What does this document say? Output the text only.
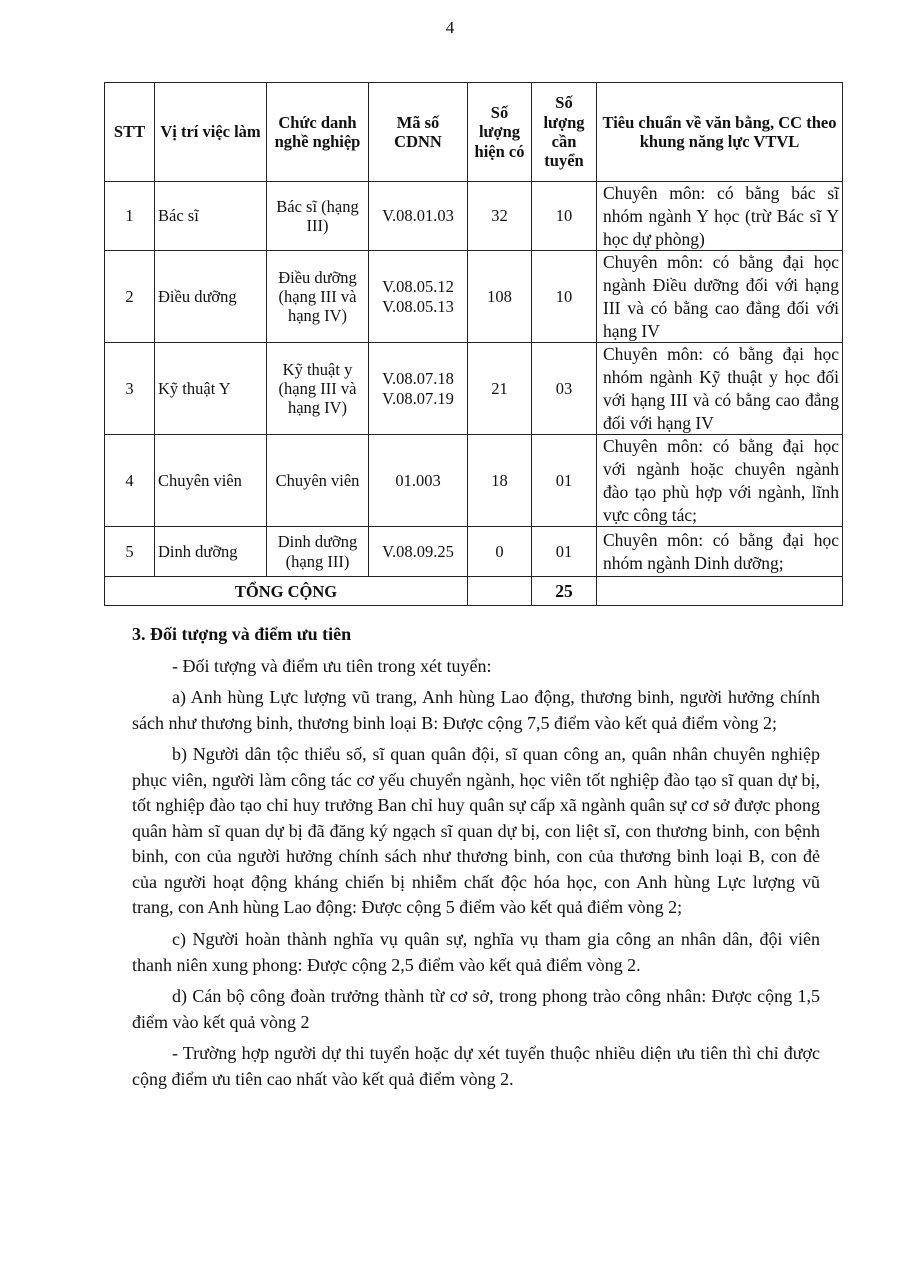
4
STT	Vị trí việc làm	Chức danh nghề nghiệp	Mã số CDNN	Số lượng hiện có	Số lượng cần tuyển	Tiêu chuẩn về văn bằng, CC theo khung năng lực VTVL
1	Bác sĩ	Bác sĩ (hạng III)	V.08.01.03	32	10	Chuyên môn: có bằng bác sĩ nhóm ngành Y học (trừ Bác sĩ Y học dự phòng)
2	Điều dưỡng	Điều dưỡng (hạng III và hạng IV)	V.08.05.12 V.08.05.13	108	10	Chuyên môn: có bằng đại học ngành Điều dưỡng đối với hạng III và có bằng cao đẳng đối với hạng IV
3	Kỹ thuật Y	Kỹ thuật y (hạng III và hạng IV)	V.08.07.18 V.08.07.19	21	03	Chuyên môn: có bằng đại học nhóm ngành Kỹ thuật y học đối với hạng III và có bằng cao đẳng đối với hạng IV
4	Chuyên viên	Chuyên viên	01.003	18	01	Chuyên môn: có bằng đại học với ngành hoặc chuyên ngành đào tạo phù hợp với ngành, lĩnh vực công tác;
5	Dinh dưỡng	Dinh dưỡng (hạng III)	V.08.09.25	0	01	Chuyên môn: có bằng đại học nhóm ngành Dinh dưỡng;
TỔNG CỘNG					25	
3. Đối tượng và điểm ưu tiên

- Đối tượng và điểm ưu tiên trong xét tuyển:

a) Anh hùng Lực lượng vũ trang, Anh hùng Lao động, thương binh, người hưởng chính sách như thương binh, thương binh loại B: Được cộng 7,5 điểm vào kết quả điểm vòng 2;

b) Người dân tộc thiểu số, sĩ quan quân đội, sĩ quan công an, quân nhân chuyên nghiệp phục viên, người làm công tác cơ yếu chuyển ngành, học viên tốt nghiệp đào tạo sĩ quan dự bị, tốt nghiệp đào tạo chỉ huy trưởng Ban chỉ huy quân sự cấp xã ngành quân sự cơ sở được phong quân hàm sĩ quan dự bị đã đăng ký ngạch sĩ quan dự bị, con liệt sĩ, con thương binh, con bệnh binh, con của người hưởng chính sách như thương binh, con của thương binh loại B, con đẻ của người hoạt động kháng chiến bị nhiễm chất độc hóa học, con Anh hùng Lực lượng vũ trang, con Anh hùng Lao động: Được cộng 5 điểm vào kết quả điểm vòng 2;

c) Người hoàn thành nghĩa vụ quân sự, nghĩa vụ tham gia công an nhân dân, đội viên thanh niên xung phong: Được cộng 2,5 điểm vào kết quả điểm vòng 2.

d) Cán bộ công đoàn trưởng thành từ cơ sở, trong phong trào công nhân: Được cộng 1,5 điểm vào kết quả vòng 2

- Trường hợp người dự thi tuyển hoặc dự xét tuyển thuộc nhiều diện ưu tiên thì chỉ được cộng điểm ưu tiên cao nhất vào kết quả điểm vòng 2.
